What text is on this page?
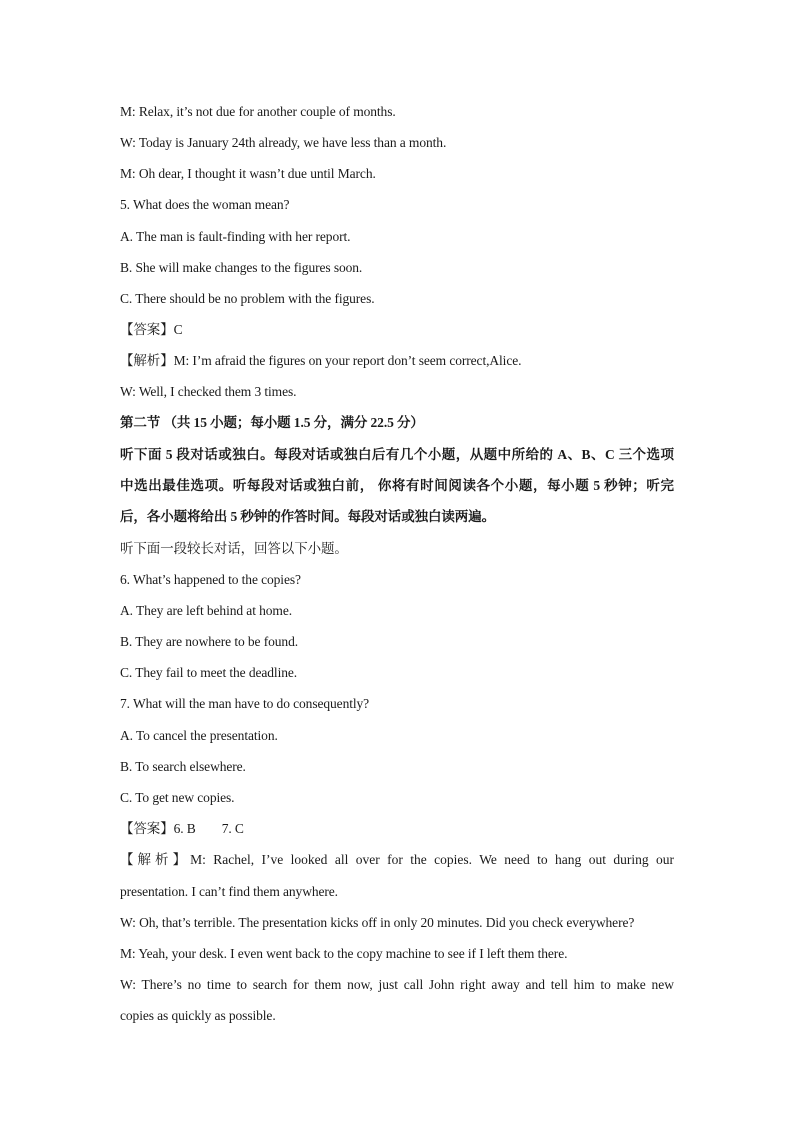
M: Relax, it’s not due for another couple of months.
W: Today is January 24th already, we have less than a month.
M: Oh dear, I thought it wasn’t due until March.
5. What does the woman mean?
A. The man is fault-finding with her report.
B. She will make changes to the figures soon.
C. There should be no problem with the figures.
【答案】C
【解析】M: I’m afraid the figures on your report don’t seem correct,Alice.
W: Well, I checked them 3 times.
第二节 （共 15 小题；每小题 1.5 分，满分 22.5 分）
听下面 5 段对话或独白。每段对话或独白后有几个小题，从题中所给的 A、B、C 三个选项
中选出最佳选项。听每段对话或独白前， 你将有时间阅读各个小题，每小题 5 秒钟；听完
后，各小题将给出 5 秒钟的作答时间。每段对话或独白读两遍。
听下面一段较长对话，回答以下小题。
6. What’s happened to the copies?
A. They are left behind at home.
B. They are nowhere to be found.
C. They fail to meet the deadline.
7. What will the man have to do consequently?
A. To cancel the presentation.
B. To search elsewhere.
C. To get new copies.
【答案】6. B 7. C
【解析】M: Rachel, I’ve looked all over for the copies. We need to hang out during our
presentation. I can’t find them anywhere.
W: Oh, that’s terrible. The presentation kicks off in only 20 minutes. Did you check everywhere?
M: Yeah, your desk. I even went back to the copy machine to see if I left them there.
W: There’s no time to search for them now, just call John right away and tell him to make new
copies as quickly as possible.
